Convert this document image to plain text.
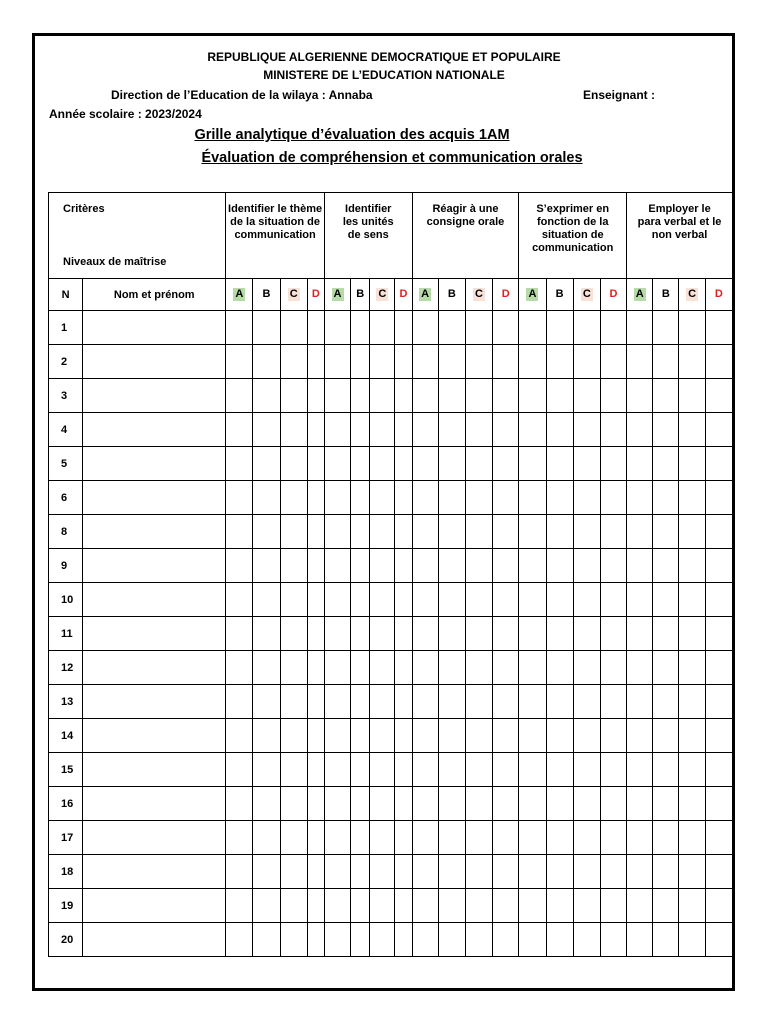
REPUBLIQUE ALGERIENNE DEMOCRATIQUE ET POPULAIRE
MINISTERE DE L’EDUCATION NATIONALE
Direction de l’Education de la wilaya : Annaba	Enseignant :
Année scolaire : 2023/2024
Grille analytique d’évaluation des acquis 1AM
Évaluation de compréhension et communication orales
Critères
Niveaux de maîtrise		Identifier le thème de la situation de communication				Identifier les unités de sens				Réagir à une consigne orale				S’exprimer en fonction de la situation de communication				Employer le para verbal et le non verbal			
N	Nom et prénom	A	B	C	D	A	B	C	D	A	B	C	D	A	B	C	D	A	B	C	D
1																					
2																					
3																					
4																					
5																					
6																					
8																					
9																					
10																					
11																					
12																					
13																					
14																					
15																					
16																					
17																					
18																					
19																					
20																					
